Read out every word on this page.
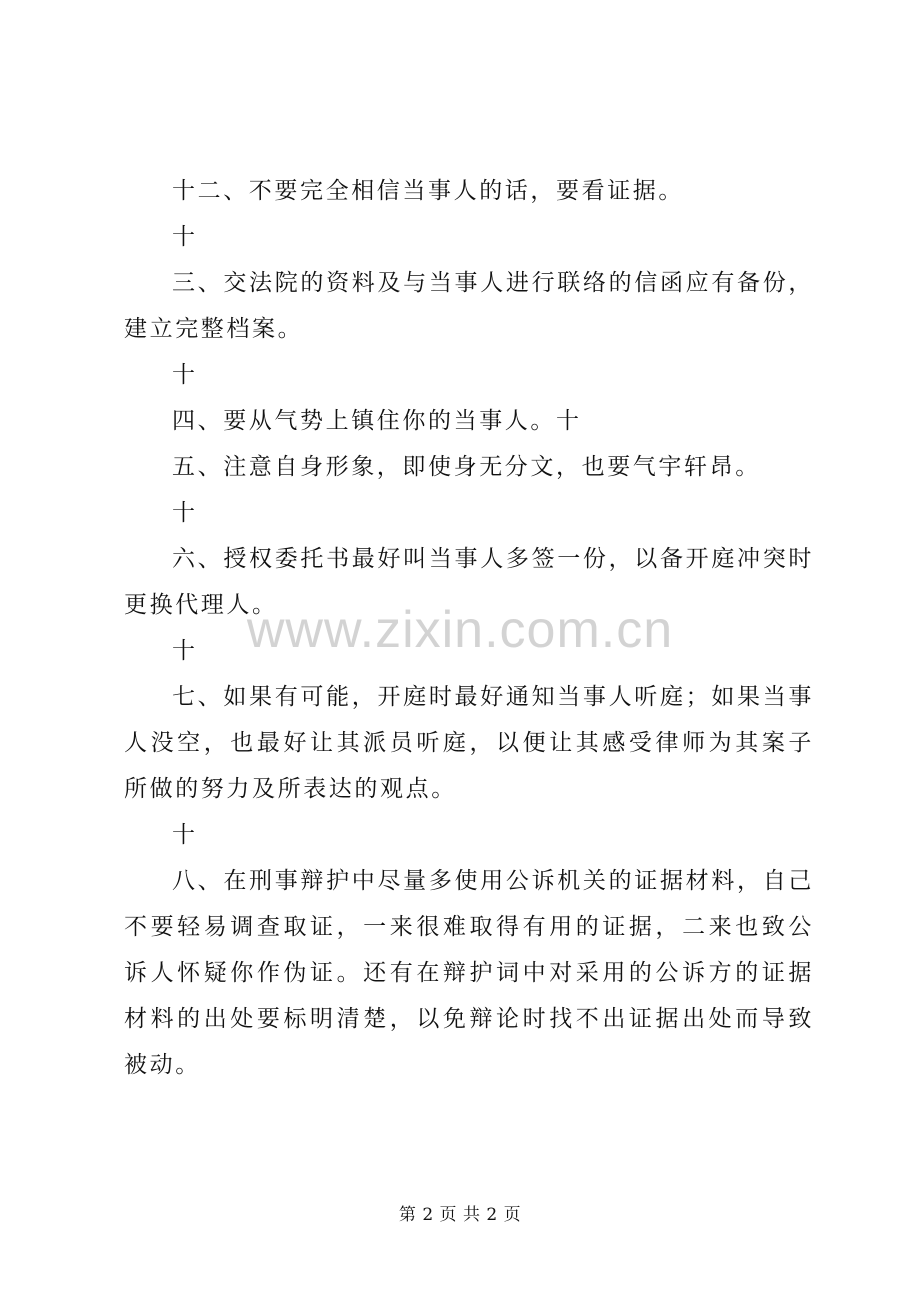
十二、不要完全相信当事人的话，要看证据。

十

三、交法院的资料及与当事人进行联络的信函应有备份，建立完整档案。

十

四、要从气势上镇住你的当事人。十

五、注意自身形象，即使身无分文，也要气宇轩昂。

十

六、授权委托书最好叫当事人多签一份，以备开庭冲突时更换代理人。

十

七、如果有可能，开庭时最好通知当事人听庭；如果当事人没空，也最好让其派员听庭，以便让其感受律师为其案子所做的努力及所表达的观点。

十

八、在刑事辩护中尽量多使用公诉机关的证据材料，自己不要轻易调查取证，一来很难取得有用的证据，二来也致公诉人怀疑你作伪证。还有在辩护词中对采用的公诉方的证据材料的出处要标明清楚，以免辩论时找不出证据出处而导致被动。

www.zixin.com.cn
第 2 页 共 2 页
